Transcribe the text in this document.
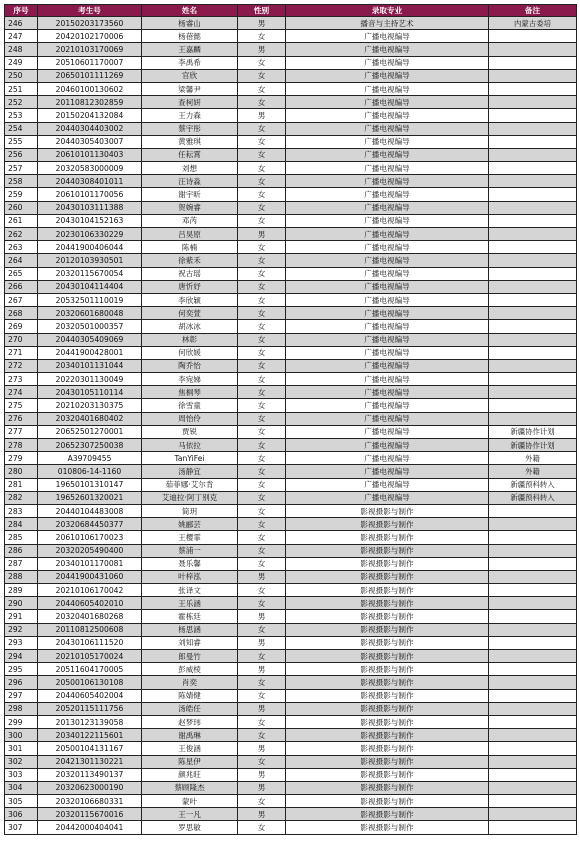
序号	考生号	姓名	性别	录取专业	备注
246	20150203173560	杨睿山	男	播音与主持艺术	内蒙古委培
247	20420102170006	杨蓓懿	女	广播电视编导	
248	20210103170069	王嘉麟	男	广播电视编导	
249	20510601170007	李禹希	女	广播电视编导	
250	20650101111269	官欣	女	广播电视编导	
251	20460100130602	梁馨尹	女	广播电视编导	
252	20110812302859	查柯妍	女	广播电视编导	
253	20150204132084	王力森	男	广播电视编导	
254	20440304403002	蔡宇彤	女	广播电视编导	
255	20440305403007	黄雅琪	女	广播电视编导	
256	20610101130403	任耘霄	女	广播电视编导	
257	20320583000009	刘想	女	广播电视编导	
258	20440308401011	汪诗淼	女	广播电视编导	
259	20610101170056	谢宇昕	女	广播电视编导	
260	20430103111388	贺婉睿	女	广播电视编导	
261	20430104152163	邓芮	女	广播电视编导	
262	20230106330229	吕昊原	男	广播电视编导	
263	20441900406044	陈楠	女	广播电视编导	
264	20120103930501	徐紫禾	女	广播电视编导	
265	20320115670054	祝古瑶	女	广播电视编导	
266	20430104114404	唐忻妤	女	广播电视编导	
267	20532501110019	李欣颖	女	广播电视编导	
268	20320601680048	何奕萱	女	广播电视编导	
269	20320501000357	胡冰冰	女	广播电视编导	
270	20440305409069	林彰	女	广播电视编导	
271	20441900428001	何欣媛	女	广播电视编导	
272	20340101131044	陶乔怡	女	广播电视编导	
273	20220301130049	李宛娣	女	广播电视编导	
274	20430105110114	焦桐琴	女	广播电视编导	
275	20210203130375	徐雪童	女	广播电视编导	
276	20320401680402	周怡伶	女	广播电视编导	
277	20652501270001	贾锐	女	广播电视编导	新疆协作计划
278	20652307250038	马依拉	女	广播电视编导	新疆协作计划
279	A39709455	TanYiFei	女	广播电视编导	外籍
280	010806-14-1160	汤静宜	女	广播电视编导	外籍
281	19650101310147	茹菲娜·艾尔肯	女	广播电视编导	新疆预科转入
282	19652601320021	艾迪拉·阿丁别克	女	广播电视编导	新疆预科转入
283	20440104483008	简玥	女	影视摄影与制作	
284	20320684450377	姚郦芸	女	影视摄影与制作	
285	20610106170023	王樱霏	女	影视摄影与制作	
286	20320205490400	蔡浦一	女	影视摄影与制作	
287	20340101170081	聂乐馨	女	影视摄影与制作	
288	20441900431060	叶梓泓	男	影视摄影与制作	
289	20210106170042	张译文	女	影视摄影与制作	
290	20440605402010	王乐涵	女	影视摄影与制作	
291	20320401680268	霍栋廷	男	影视摄影与制作	
292	20110812500608	杨思涵	女	影视摄影与制作	
293	20430106111520	刘知睿	男	影视摄影与制作	
294	20210105170024	郎曼竹	女	影视摄影与制作	
295	20511604170005	彭威棱	男	影视摄影与制作	
296	20500106130108	肖奕	女	影视摄影与制作	
297	20440605402004	陈婧健	女	影视摄影与制作	
298	20520115111756	汤皓任	男	影视摄影与制作	
299	20130123139058	赵梦玮	女	影视摄影与制作	
300	20340122115601	谢禹琳	女	影视摄影与制作	
301	20500104131167	王俊涵	男	影视摄影与制作	
302	20421301130221	陈星伊	女	影视摄影与制作	
303	20320113490137	颜兆旺	男	影视摄影与制作	
304	20320623000190	蔡顾隆杰	男	影视摄影与制作	
305	20320106680331	蒙叶	女	影视摄影与制作	
306	20320115670016	王一凡	男	影视摄影与制作	
307	20442000404041	罗思敏	女	影视摄影与制作	
